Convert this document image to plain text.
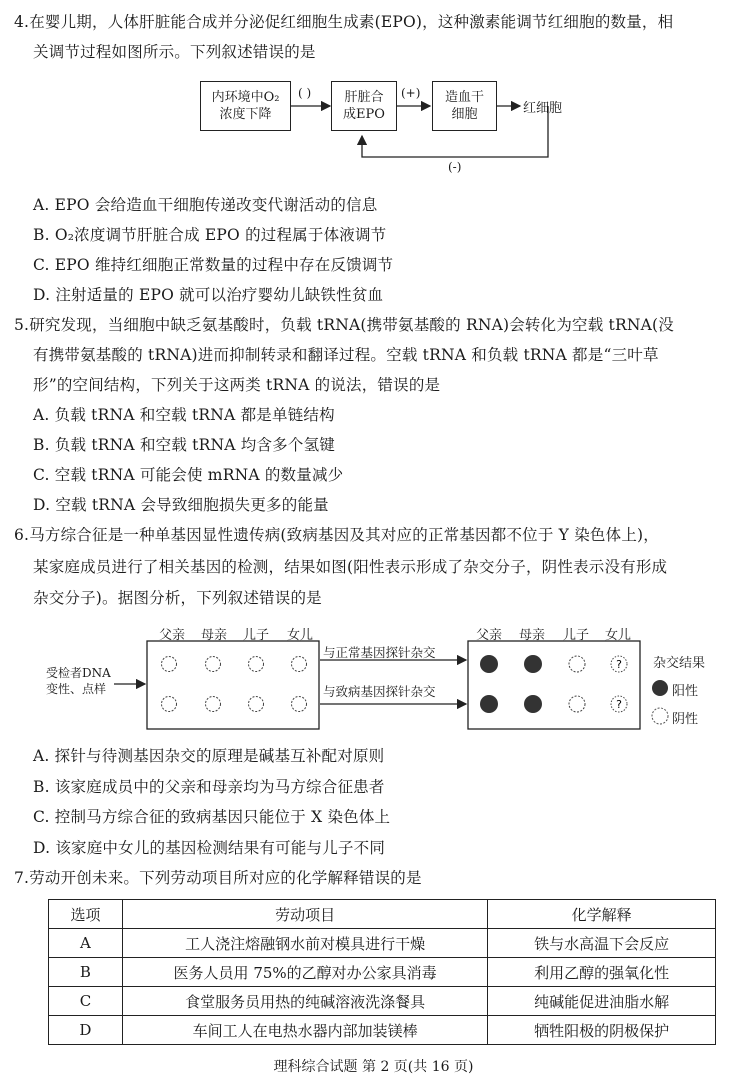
4.在婴儿期，人体肝脏能合成并分泌促红细胞生成素(EPO)，这种激素能调节红细胞的数量，相
关调节过程如图所示。下列叙述错误的是
内环境中O₂
浓度下降
肝脏合
成EPO
造血干
细胞	红细胞
( )	(+)
(-)
A. EPO 会给造血干细胞传递改变代谢活动的信息
B. O₂浓度调节肝脏合成 EPO 的过程属于体液调节
C. EPO 维持红细胞正常数量的过程中存在反馈调节
D. 注射适量的 EPO 就可以治疗婴幼儿缺铁性贫血
5.研究发现，当细胞中缺乏氨基酸时，负载 tRNA(携带氨基酸的 RNA)会转化为空载 tRNA(没
有携带氨基酸的 tRNA)进而抑制转录和翻译过程。空载 tRNA 和负载 tRNA 都是“三叶草
形”的空间结构，下列关于这两类 tRNA 的说法，错误的是
A. 负载 tRNA 和空载 tRNA 都是单链结构
B. 负载 tRNA 和空载 tRNA 均含多个氢键
C. 空载 tRNA 可能会使 mRNA 的数量减少
D. 空载 tRNA 会导致细胞损失更多的能量
6.马方综合征是一种单基因显性遗传病(致病基因及其对应的正常基因都不位于 Y 染色体上)，
某家庭成员进行了相关基因的检测，结果如图(阳性表示形成了杂交分子，阴性表示没有形成
杂交分子)。据图分析，下列叙述错误的是
?
?
父亲 母亲 儿子 女儿	父亲 母亲 儿子 女儿
受检者DNA
变性、点样
与正常基因探针杂交
与致病基因探针杂交
杂交结果
阳性
阴性
A. 探针与待测基因杂交的原理是碱基互补配对原则
B. 该家庭成员中的父亲和母亲均为马方综合征患者
C. 控制马方综合征的致病基因只能位于 X 染色体上
D. 该家庭中女儿的基因检测结果有可能与儿子不同
7.劳动开创未来。下列劳动项目所对应的化学解释错误的是
选项	劳动项目	化学解释
A	工人浇注熔融钢水前对模具进行干燥	铁与水高温下会反应
B	医务人员用 75%的乙醇对办公家具消毒	利用乙醇的强氧化性
C	食堂服务员用热的纯碱溶液洗涤餐具	纯碱能促进油脂水解
D	车间工人在电热水器内部加装镁棒	牺牲阳极的阴极保护
理科综合试题 第 2 页(共 16 页)
